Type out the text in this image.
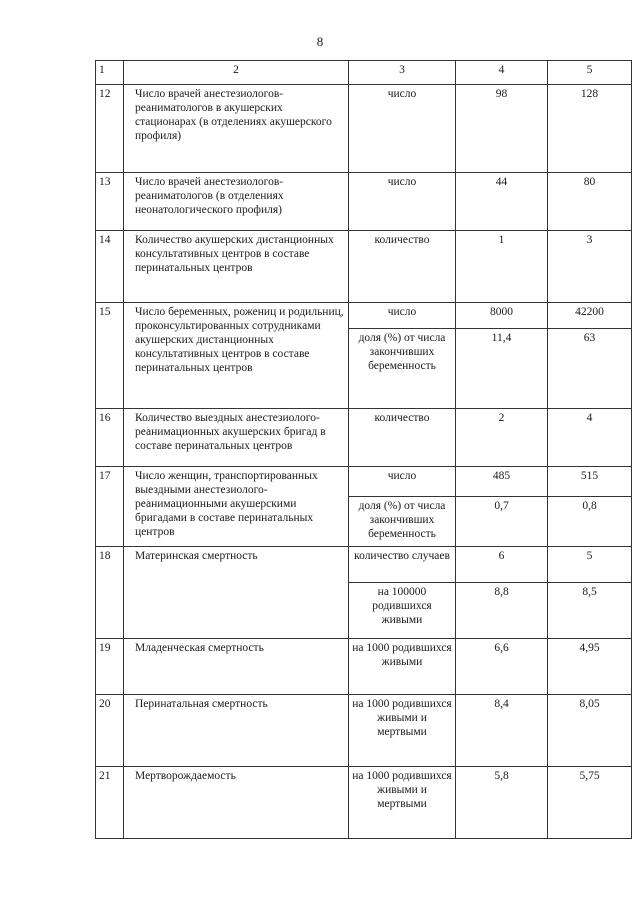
8
1	2	3	4	5
12	Число врачей анестезиологов-реаниматологов в акушерских стационарах (в отделениях акушерского профиля)	число	98	128
13	Число врачей анестезиологов-реаниматологов (в отделениях неонатологического профиля)	число	44	80
14	Количество акушерских дистанционных консультативных центров в составе перинатальных центров	количество	1	3
15	Число беременных, рожениц и родильниц, проконсультированных сотрудниками акушерских дистанционных консультативных центров в составе перинатальных центров	число	8000	42200
		доля (%) от числа закончивших беременность	11,4	63
16	Количество выездных анестезиолого-реанимационных акушерских бригад в составе перинатальных центров	количество	2	4
17	Число женщин, транспортированных выездными анестезиолого-реанимационными акушерскими бригадами в составе перинатальных центров	число	485	515
		доля (%) от числа закончивших беременность	0,7	0,8
18	Материнская смертность	количество случаев	6	5
		на 100000 родившихся живыми	8,8	8,5
19	Младенческая смертность	на 1000 родившихся живыми	6,6	4,95
20	Перинатальная смертность	на 1000 родившихся живыми и мертвыми	8,4	8,05
21	Мертворождаемость	на 1000 родившихся живыми и мертвыми	5,8	5,75
